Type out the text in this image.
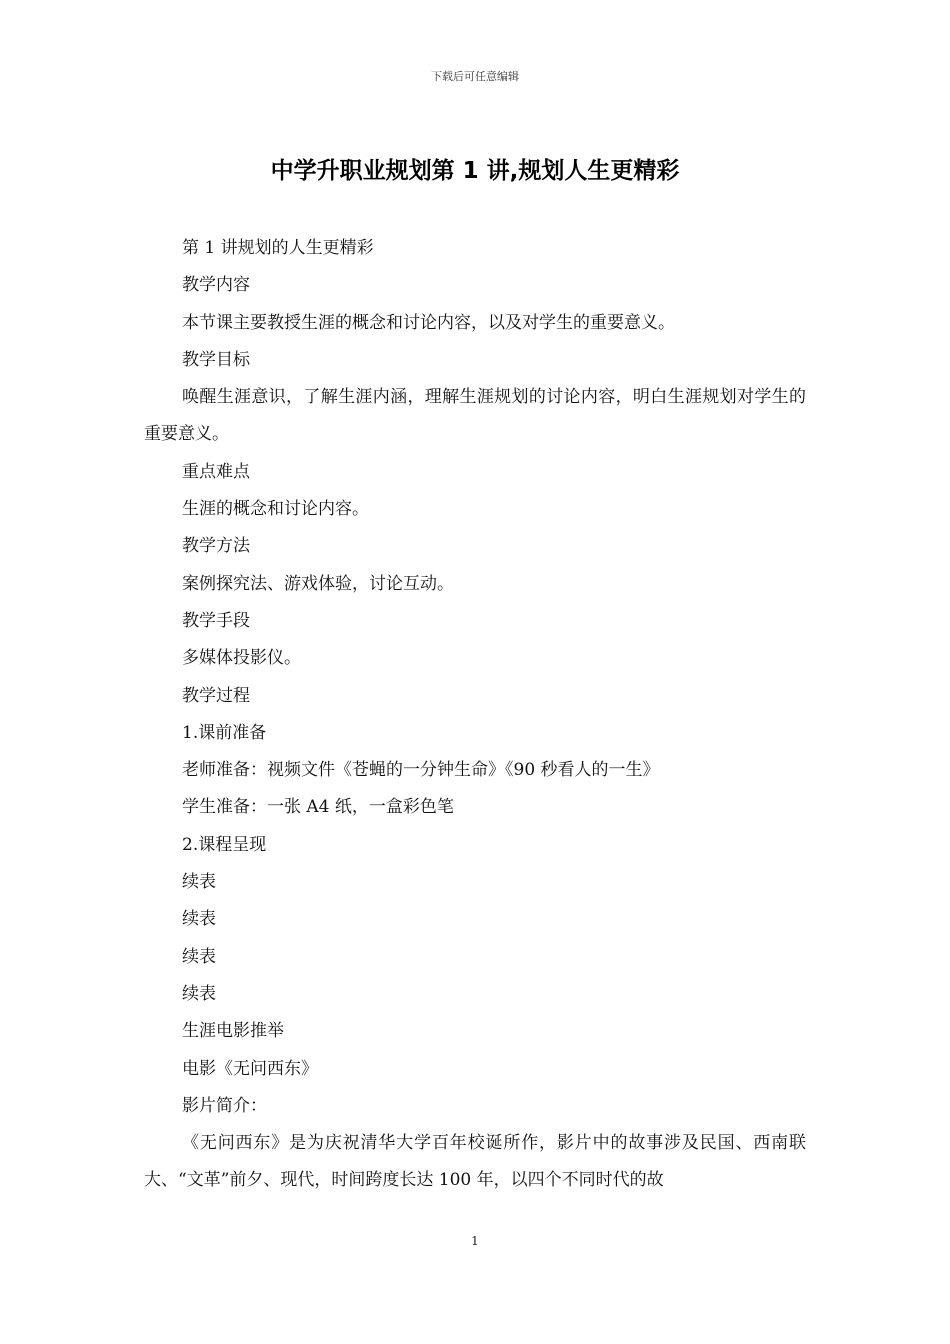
下载后可任意编辑
中学升职业规划第 1 讲,规划人生更精彩

第 1 讲规划的人生更精彩

教学内容

本节课主要教授生涯的概念和讨论内容，以及对学生的重要意义。

教学目标

唤醒生涯意识，了解生涯内涵，理解生涯规划的讨论内容，明白生涯规划对学生的重要意义。

重点难点

生涯的概念和讨论内容。

教学方法

案例探究法、游戏体验，讨论互动。

教学手段

多媒体投影仪。

教学过程

1.课前准备

老师准备：视频文件《苍蝇的一分钟生命》《90 秒看人的一生》

学生准备：一张 A4 纸，一盒彩色笔

2.课程呈现

续表

续表

续表

续表

生涯电影推举

电影《无问西东》

影片简介：

《无问西东》是为庆祝清华大学百年校诞所作，影片中的故事涉及民国、西南联大、“文革”前夕、现代，时间跨度长达 100 年，以四个不同时代的故

1
